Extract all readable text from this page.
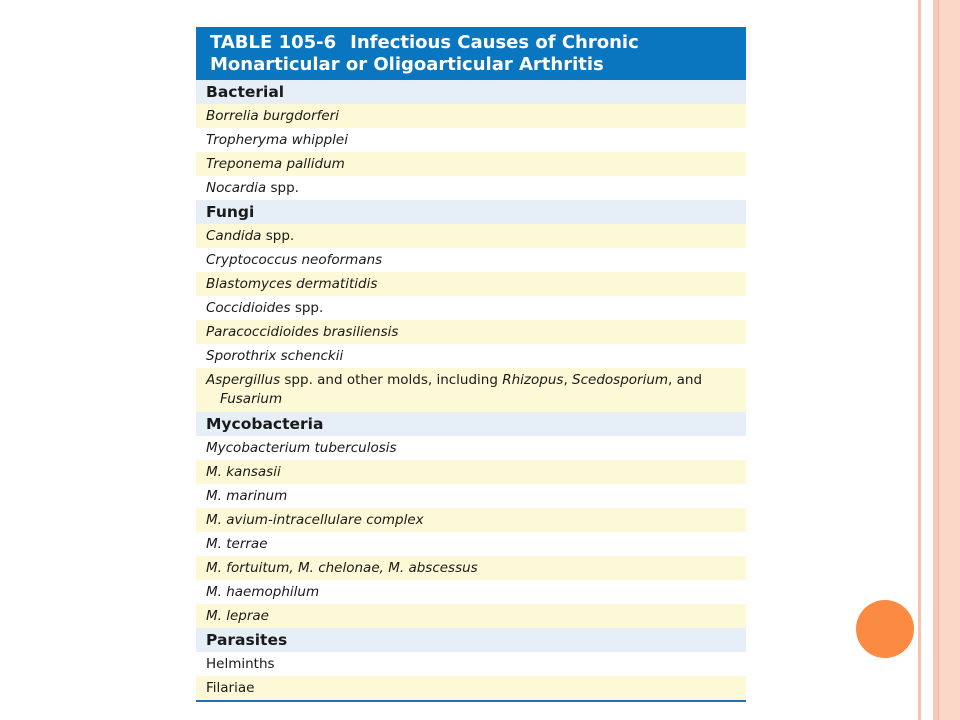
TABLE 105-6 Infectious Causes of Chronic
Monarticular or Oligoarticular Arthritis
Bacterial
Borrelia burgdorferi
Tropheryma whipplei
Treponema pallidum
Nocardia spp.
Fungi
Candida spp.
Cryptococcus neoformans
Blastomyces dermatitidis
Coccidioides spp.
Paracoccidioides brasiliensis
Sporothrix schenckii
Aspergillus spp. and other molds, including Rhizopus, Scedosporium, and
Fusarium
Mycobacteria
Mycobacterium tuberculosis
M. kansasii
M. marinum
M. avium-intracellulare complex
M. terrae
M. fortuitum, M. chelonae, M. abscessus
M. haemophilum
M. leprae
Parasites
Helminths
Filariae
